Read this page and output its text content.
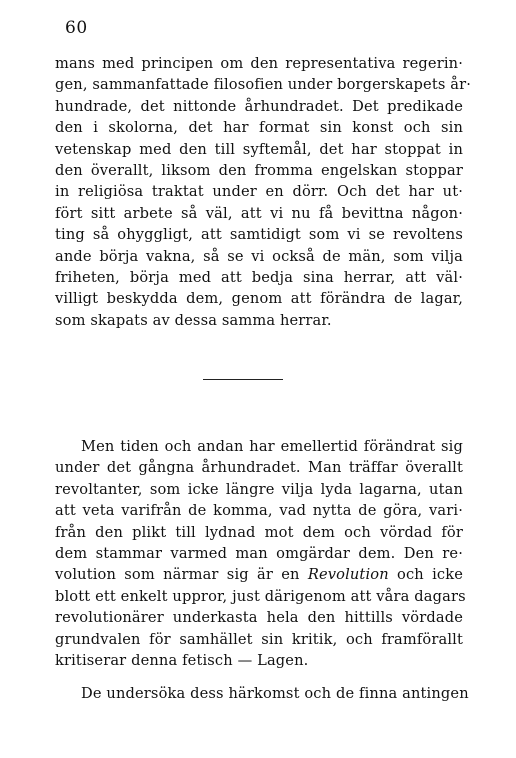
60
mans med principen om den representativa regerin·
gen, sammanfattade filosofien under borgerskapets år·
hundrade, det nittonde århundradet. Det predikade
den i skolorna, det har format sin konst och sin
vetenskap med den till syftemål, det har stoppat in
den överallt, liksom den fromma engelskan stoppar
in religiösa traktat under en dörr. Och det har ut·
fört sitt arbete så väl, att vi nu få bevittna någon·
ting så ohyggligt, att samtidigt som vi se revoltens
ande börja vakna, så se vi också de män, som vilja
friheten, börja med att bedja sina herrar, att väl·
villigt beskydda dem, genom att förändra de lagar,
som skapats av dessa samma herrar.
Men tiden och andan har emellertid förändrat sig
under det gångna århundradet. Man träffar överallt
revoltanter, som icke längre vilja lyda lagarna, utan
att veta varifrån de komma, vad nytta de göra, vari·
från den plikt till lydnad mot dem och vördad för
dem stammar varmed man omgärdar dem. Den re·
volution som närmar sig är en Revolution och icke
blott ett enkelt uppror, just därigenom att våra dagars
revolutionärer underkasta hela den hittills vördade
grundvalen för samhället sin kritik, och framförallt
kritiserar denna fetisch — Lagen.
De undersöka dess härkomst och de finna antingen
